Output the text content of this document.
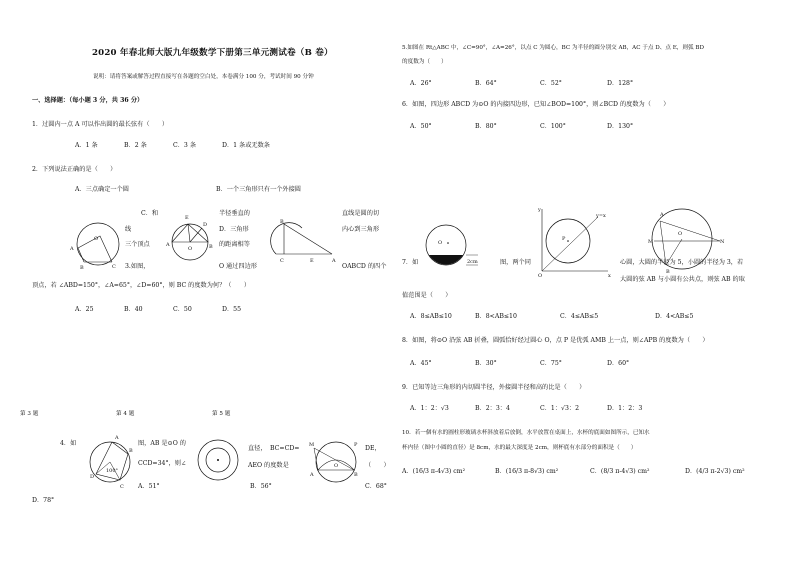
2020 年春北师大版九年级数学下册第三单元测试卷（B 卷）
说明：请将答案或解答过程直接写在各题的空白处，本卷满分 100 分，考试时间 90 分钟
一、选择题：（每小题 3 分，共 36 分）
1．过圆内一点 A 可以作出圆的最长弦有（　　）
A．1 条	B．2 条	C．3 条	D．1 条或无数条
2．下列说法正确的是（　　）
A．三点确定一个圆	B．一个三角形只有一个外接圆
C．和	半径垂直的	直线是圆的切
线
三个顶点
D．三角形	内心到三角形
的距离相等
3.如图，	O 通过四边形	OABCD 的四个
顶点，若 ∠ABD=150°，∠A=65°，∠D=60°，则 BC 的度数为何？（　　）
A．25	B．40	C．50	D．55
O
A
B	C
E
D
O
A	B
B
C	E	A
第 3 题	第 4 题	第 5 题
4．如	图，AB 是⊙O 的
CCD=34°，则∠
直径， BC=CD=	DE，
AEO 的度数是	（　　）
A．51°	B．56°	C．68°
D．78°
A
D
C
B
100°
M
A	B
O
P
5.如图在 Rt△ABC 中，∠C=90°，∠A=26°，以点 C 为圆心，BC 为半径的圆分别交 AB，AC 于点 D、点 E，则弧 BD
的度数为（　　）
A．26°	B．64°	C．52°	D．128°
6．如图，四边形 ABCD 为⊙O 的内接四边形，已知∠BOD=100°，则∠BCD 的度数为（　　）
A．50°	B．80°	C．100°	D．130°
O
2cm
y
x
O
y=x
P
A
M	N
B
O
7．如	图，两个同	心圆，大圆的半径为 5，小圆的半径为 3，若
大圆的弦 AB 与小圆有公共点，则弦 AB 的取
值范围是（　　）
A．8≤AB≤10	B．8<AB≤10	C．4≤AB≤5	D．4<AB≤5
8．如图，将⊙O 沿弦 AB 折叠，圆弧恰好经过圆心 O，点 P 是优弧 AMB 上一点，则∠APB 的度数为（　　）
A．45°	B．30°	C．75°	D．60°
9．已知等边三角形的内切圆半径，外接圆半径和高的比是（　　）
A．1：2：√3	B．2：3：4	C．1：√3：2	D．1：2：3
10．若一個有水的圓柱形玻璃水杯斜放着后放倒，水平放置在桌面上，水杯的底面如图所示，已知水
杯内径（图中小圆的直径）是 8cm，水的最大深度是 2cm，则杯底有水部分的面积是（　　）
A．(16/3 π-4√3) cm²	B．(16/3 π-8√3) cm²	C．(8/3 π-4√3) cm²	D．(4/3 π-2√3) cm²
